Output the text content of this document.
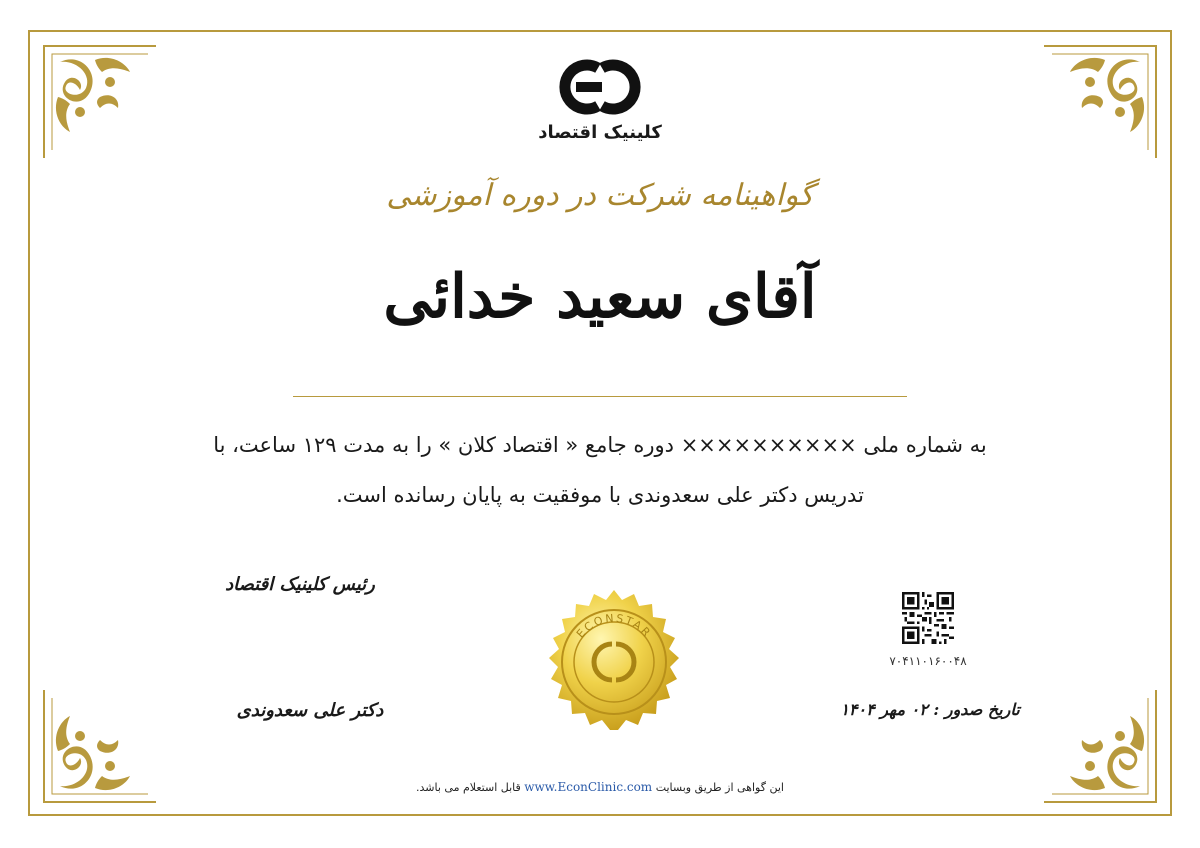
کلینیک اقتصاد
گواهینامه شرکت در دوره آموزشی
آقای سعید خدائی
به شماره ملی ×××××××××× دوره جامع « اقتصاد کلان » را به مدت ۱۲۹ ساعت، با
تدریس دکتر علی سعدوندی با موفقیت به پایان رسانده است.
رئیس کلینیک اقتصاد
دکتر علی سعدوندی
ECONSTAR
۷۰۴۱۱۰۱۶۰۰۴۸
تاریخ صدور : ۰۲ مهر ۱۴۰۴
این گواهی از طریق وبسایت www.EconClinic.com قابل استعلام می باشد.
